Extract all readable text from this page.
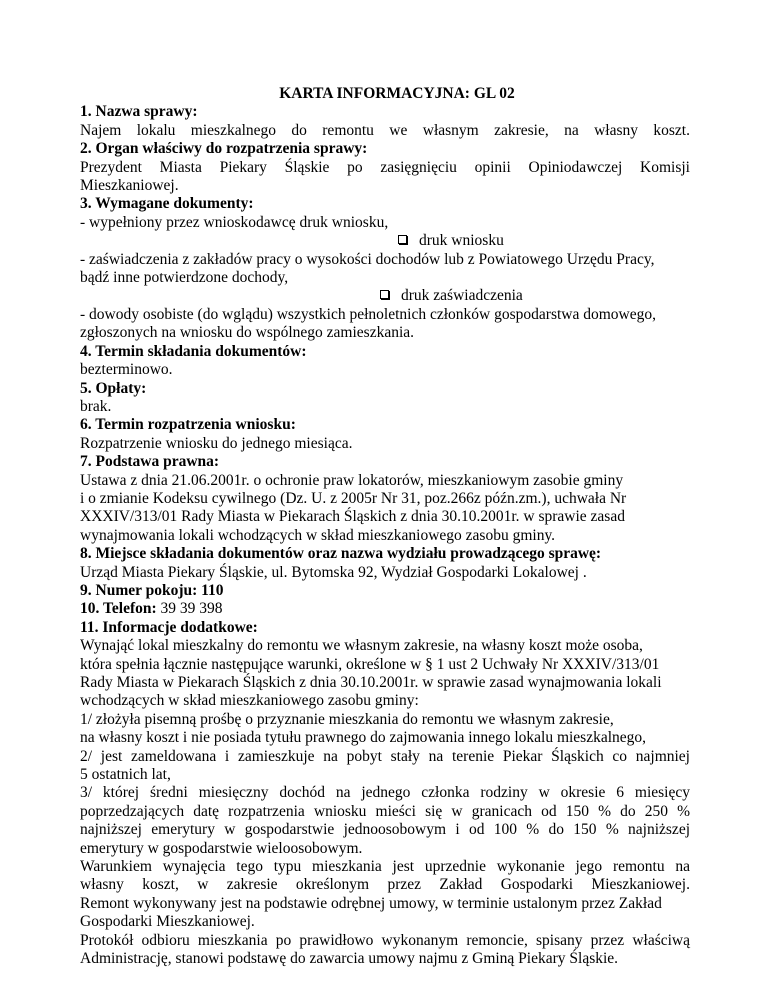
KARTA INFORMACYJNA: GL 02
1. Nazwa sprawy:
Najem lokalu mieszkalnego do remontu we własnym zakresie, na własny koszt.
2. Organ właściwy do rozpatrzenia sprawy:
Prezydent Miasta Piekary Śląskie po zasięgnięciu opinii Opiniodawczej Komisji
Mieszkaniowej.
3. Wymagane dokumenty:
- wypełniony przez wnioskodawcę druk wniosku,
druk wniosku
- zaświadczenia z zakładów pracy o wysokości dochodów lub z Powiatowego Urzędu Pracy,
bądź inne potwierdzone dochody,
druk zaświadczenia
- dowody osobiste (do wglądu) wszystkich pełnoletnich członków gospodarstwa domowego,
zgłoszonych na wniosku do wspólnego zamieszkania.
4. Termin składania dokumentów:
bezterminowo.
5. Opłaty:
brak.
6. Termin rozpatrzenia wniosku:
Rozpatrzenie wniosku do jednego miesiąca.
7. Podstawa prawna:
Ustawa z dnia 21.06.2001r. o ochronie praw lokatorów, mieszkaniowym zasobie gminy
i o zmianie Kodeksu cywilnego (Dz. U. z 2005r Nr 31, poz.266z późn.zm.), uchwała Nr
XXXIV/313/01 Rady Miasta w Piekarach Śląskich z dnia 30.10.2001r. w sprawie zasad
wynajmowania lokali wchodzących w skład mieszkaniowego zasobu gminy.
8. Miejsce składania dokumentów oraz nazwa wydziału prowadzącego sprawę:
Urząd Miasta Piekary Śląskie, ul. Bytomska 92, Wydział Gospodarki Lokalowej .
9. Numer pokoju: 110
10. Telefon: 39 39 398
11. Informacje dodatkowe:
Wynająć lokal mieszkalny do remontu we własnym zakresie, na własny koszt może osoba,
która spełnia łącznie następujące warunki, określone w § 1 ust 2 Uchwały Nr XXXIV/313/01
Rady Miasta w Piekarach Śląskich z dnia 30.10.2001r. w sprawie zasad wynajmowania lokali
wchodzących w skład mieszkaniowego zasobu gminy:
1/ złożyła pisemną prośbę o przyznanie mieszkania do remontu we własnym zakresie,
na własny koszt i nie posiada tytułu prawnego do zajmowania innego lokalu mieszkalnego,
2/ jest zameldowana i zamieszkuje na pobyt stały na terenie Piekar Śląskich co najmniej
5 ostatnich lat,
3/ której średni miesięczny dochód na jednego członka rodziny w okresie 6 miesięcy
poprzedzających datę rozpatrzenia wniosku mieści się w granicach od 150 % do 250 %
najniższej emerytury w gospodarstwie jednoosobowym i od 100 % do 150 % najniższej
emerytury w gospodarstwie wieloosobowym.
Warunkiem wynajęcia tego typu mieszkania jest uprzednie wykonanie jego remontu na
własny koszt, w zakresie określonym przez Zakład Gospodarki Mieszkaniowej.
Remont wykonywany jest na podstawie odrębnej umowy, w terminie ustalonym przez Zakład
Gospodarki Mieszkaniowej.
Protokół odbioru mieszkania po prawidłowo wykonanym remoncie, spisany przez właściwą
Administrację, stanowi podstawę do zawarcia umowy najmu z Gminą Piekary Śląskie.
